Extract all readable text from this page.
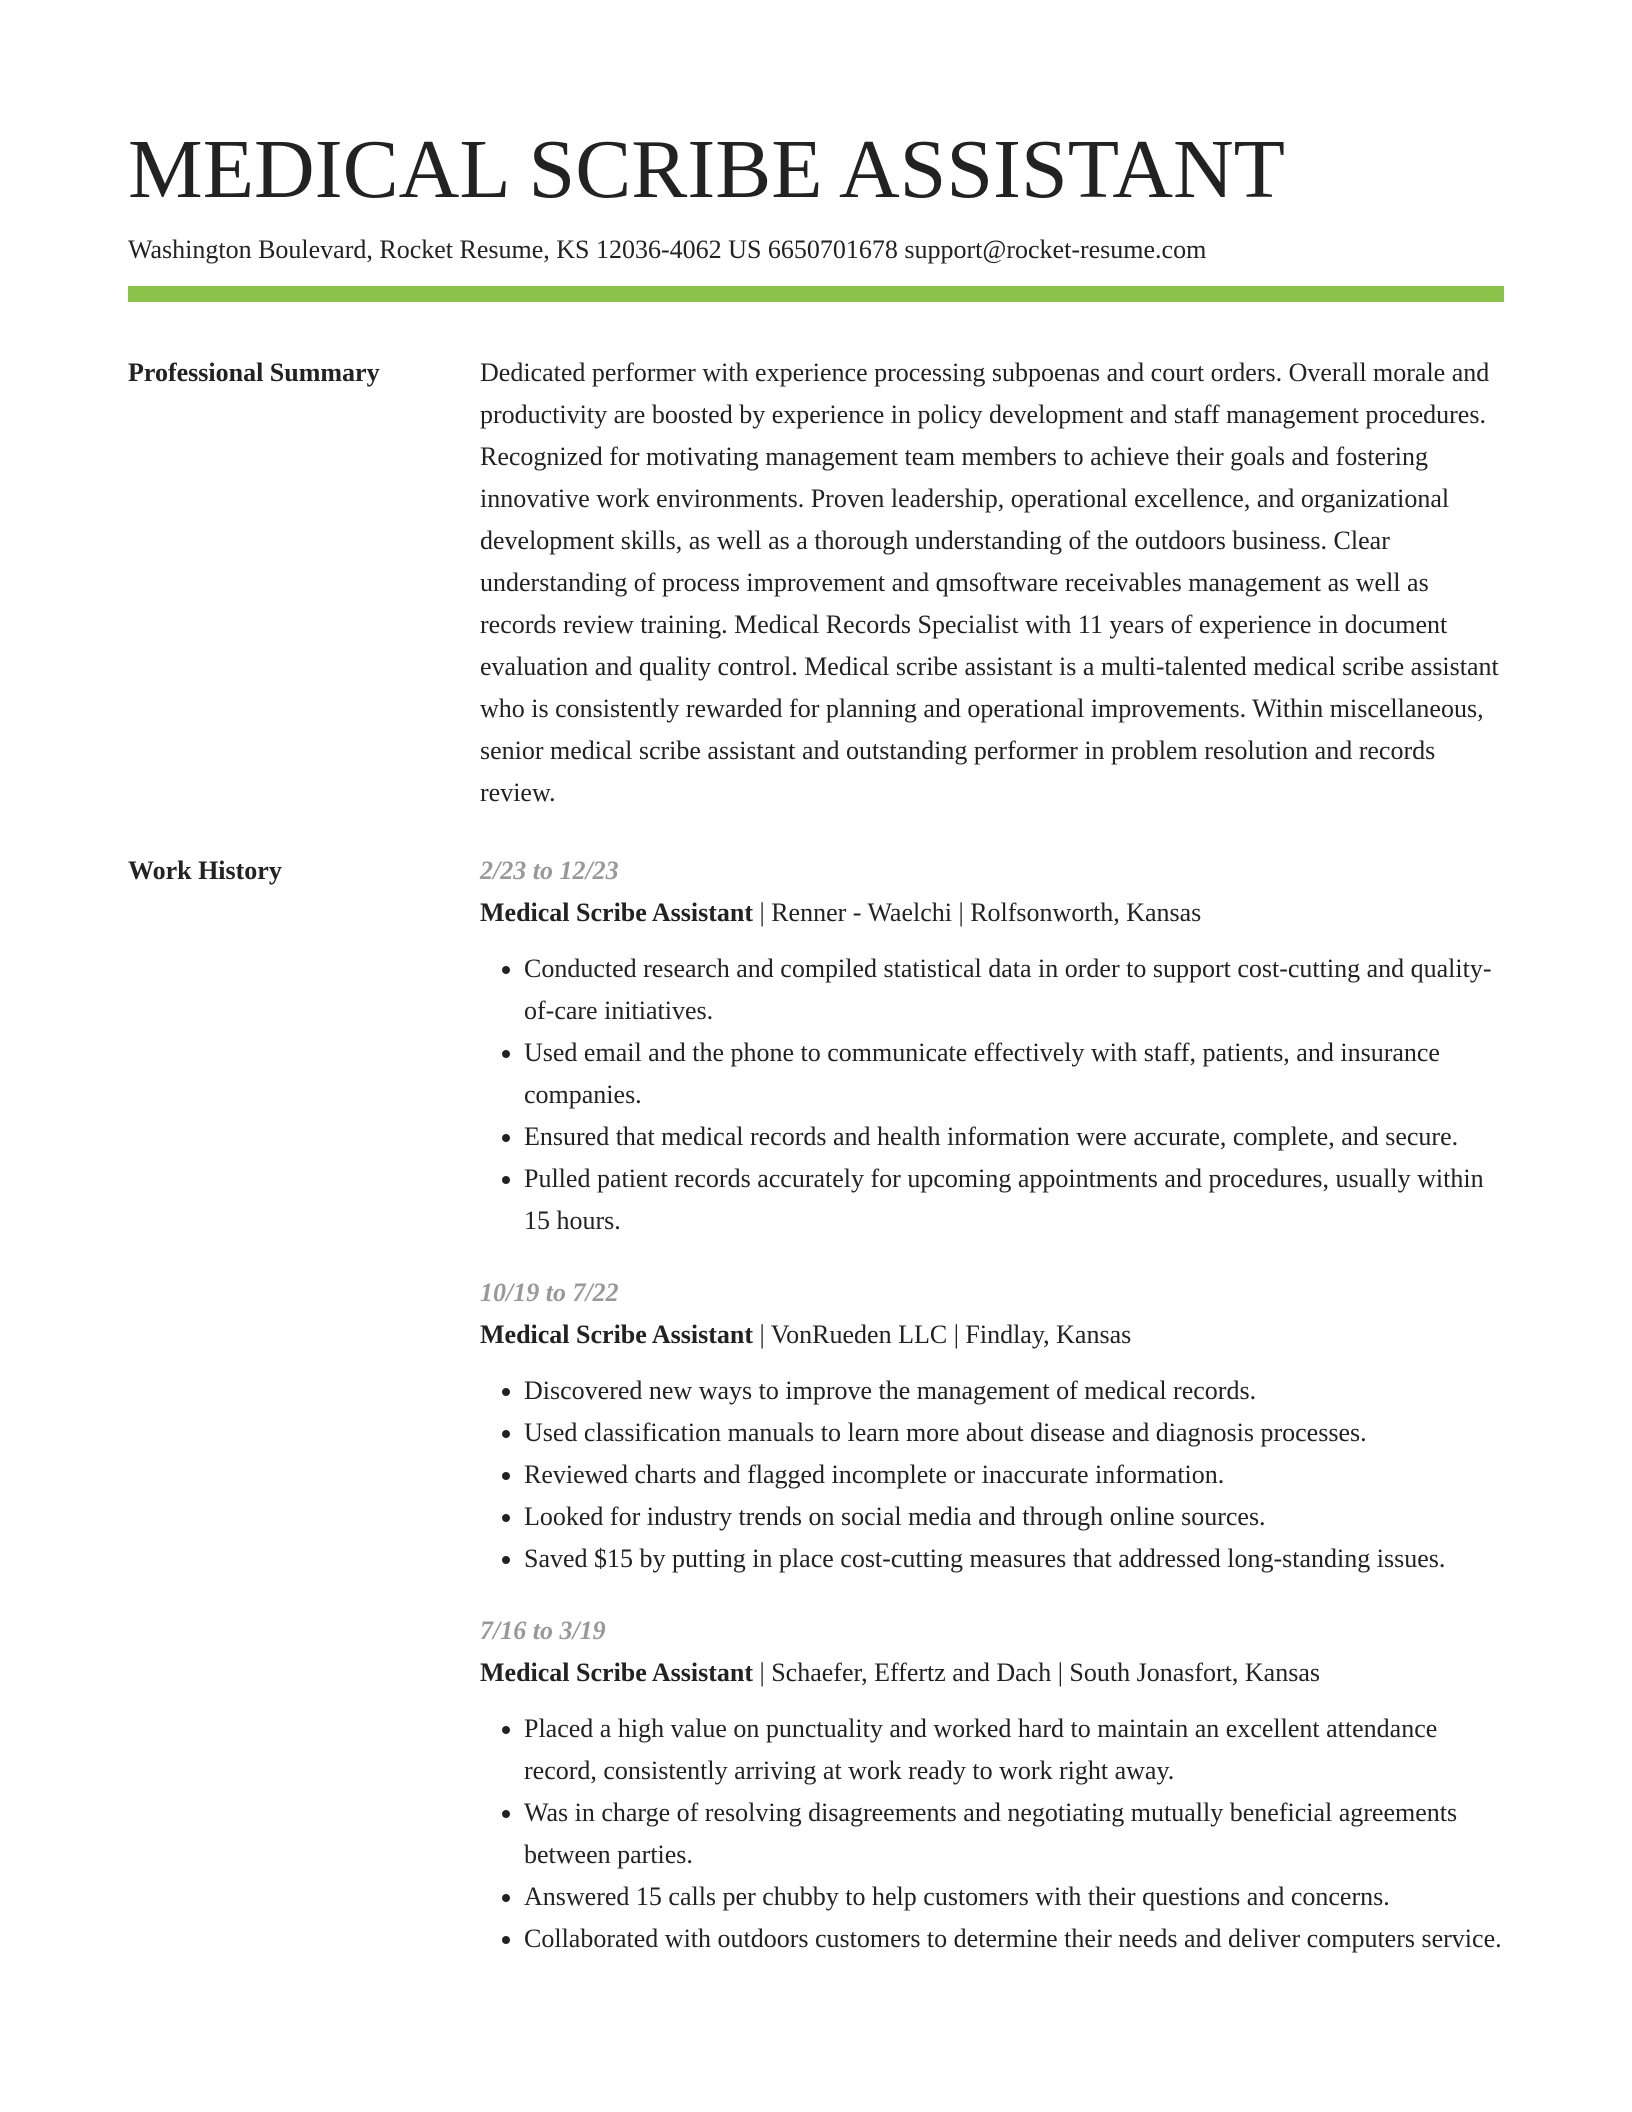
MEDICAL SCRIBE ASSISTANT
Washington Boulevard, Rocket Resume, KS 12036-4062 US 6650701678 support@rocket-resume.com
Professional Summary	Dedicated performer with experience processing subpoenas and court orders. Overall morale and productivity are boosted by experience in policy development and staff management procedures. Recognized for motivating management team members to achieve their goals and fostering innovative work environments. Proven leadership, operational excellence, and organizational development skills, as well as a thorough understanding of the outdoors business. Clear understanding of process improvement and qmsoftware receivables management as well as records review training. Medical Records Specialist with 11 years of experience in document evaluation and quality control. Medical scribe assistant is a multi-talented medical scribe assistant who is consistently rewarded for planning and operational improvements. Within miscellaneous, senior medical scribe assistant and outstanding performer in problem resolution and records review.

Work History	2/23 to 12/23
Medical Scribe Assistant | Renner - Waelchi | Rolfsonworth, Kansas
• Conducted research and compiled statistical data in order to support cost-cutting and quality-of-care initiatives.
• Used email and the phone to communicate effectively with staff, patients, and insurance companies.
• Ensured that medical records and health information were accurate, complete, and secure.
• Pulled patient records accurately for upcoming appointments and procedures, usually within 15 hours.
10/19 to 7/22
Medical Scribe Assistant | VonRueden LLC | Findlay, Kansas
• Discovered new ways to improve the management of medical records.
• Used classification manuals to learn more about disease and diagnosis processes.
• Reviewed charts and flagged incomplete or inaccurate information.
• Looked for industry trends on social media and through online sources.
• Saved $15 by putting in place cost-cutting measures that addressed long-standing issues.
7/16 to 3/19
Medical Scribe Assistant | Schaefer, Effertz and Dach | South Jonasfort, Kansas
• Placed a high value on punctuality and worked hard to maintain an excellent attendance record, consistently arriving at work ready to work right away.
• Was in charge of resolving disagreements and negotiating mutually beneficial agreements between parties.
• Answered 15 calls per chubby to help customers with their questions and concerns.
• Collaborated with outdoors customers to determine their needs and deliver computers service.
